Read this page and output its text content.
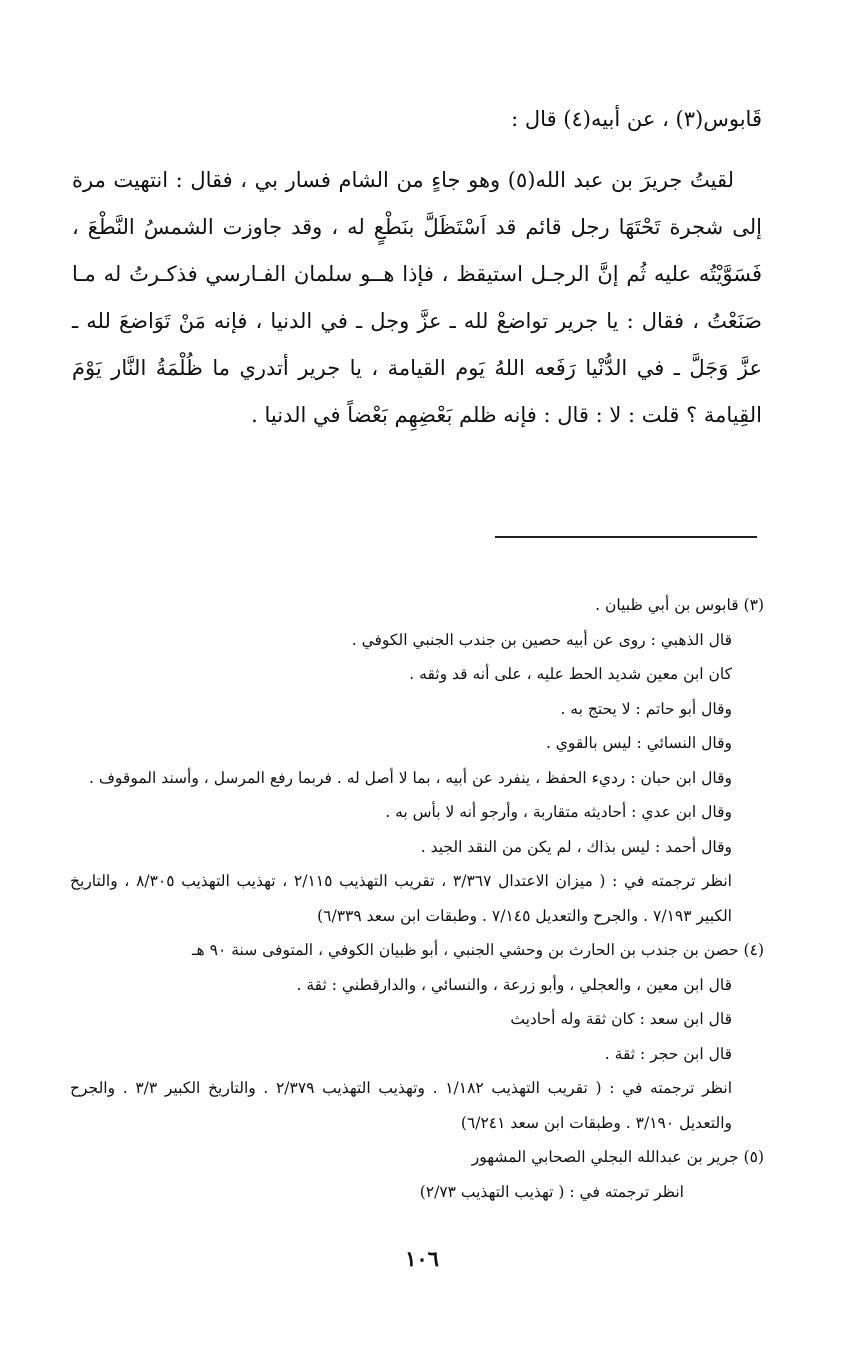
قَابوس(٣) ، عن أبيه(٤) قال :

لقيتُ جريرَ بن عبد الله(٥) وهو جاءٍ من الشام فسار بي ، فقال : انتهيت مرة إلى شجرة تَحْتَهَا رجل قائم قد اَسْتَظَلَّ بنَطْعٍ له ، وقد جاوزت الشمسُ النَّطْعَ ، فَسَوَّيْتُه عليه ثُم إنَّ الرجـل استيقظ ، فإذا هــو سلمان الفـارسي فذكـرتُ له مـا صَنَعْتُ ، فقال : يا جرير تواضعْ لله ـ عزَّ وجل ـ في الدنيا ، فإنه مَنْ تَوَاضعَ لله ـ عزَّ وَجَلَّ ـ في الدُّنْيا رَفَعه اللهُ يَوم القيامة ، يا جرير أتدري ما ظُلْمَةُ النَّار يَوْمَ القِيامة ؟ قلت : لا : قال : فإنه ظلم بَعْضِهِم بَعْضاً في الدنيا .

(٣) قابوس بن أبي ظبيان .

قال الذهبي : روى عن أبيه حصين بن جندب الجنبي الكوفي .

كان ابن معين شديد الحط عليه ، على أنه قد وثقه .

وقال أبو حاتم : لا يحتج به .

وقال النسائي : ليس بالقوي .

وقال ابن حبان : رديء الحفظ ، ينفرد عن أبيه ، بما لا أصل له . فربما رفع المرسل ، وأسند الموقوف .

وقال ابن عدي : أحاديثه متقاربة ، وأرجو أنه لا بأس به .

وقال أحمد : ليس بذاك ، لم يكن من النقد الجيد .

انظر ترجمته في : ( ميزان الاعتدال ٣/٣٦٧ ، تقريب التهذيب ٢/١١٥ ، تهذيب التهذيب ٨/٣٠٥ ، والتاريخ الكبير ٧/١٩٣ . والجرح والتعديل ٧/١٤٥ . وطبقات ابن سعد ٦/٣٣٩)

(٤) حصن بن جندب بن الحارث بن وحشي الجنبي ، أبو ظبيان الكوفي ، المتوفى سنة ٩٠ هـ

قال ابن معين ، والعجلي ، وأبو زرعة ، والنسائي ، والدارقطني : ثقة .

قال ابن سعد : كان ثقة وله أحاديث

قال ابن حجر : ثقة .

انظر ترجمته في : ( تقريب التهذيب ١/١٨٢ . وتهذيب التهذيب ٢/٣٧٩ . والتاريخ الكبير ٣/٣ . والجرح والتعديل ٣/١٩٠ . وطبقات ابن سعد ٦/٢٤١)

(٥) جرير بن عبدالله البجلي الصحابي المشهور

انظر ترجمته في : ( تهذيب التهذيب ٢/٧٣)

١٠٦
